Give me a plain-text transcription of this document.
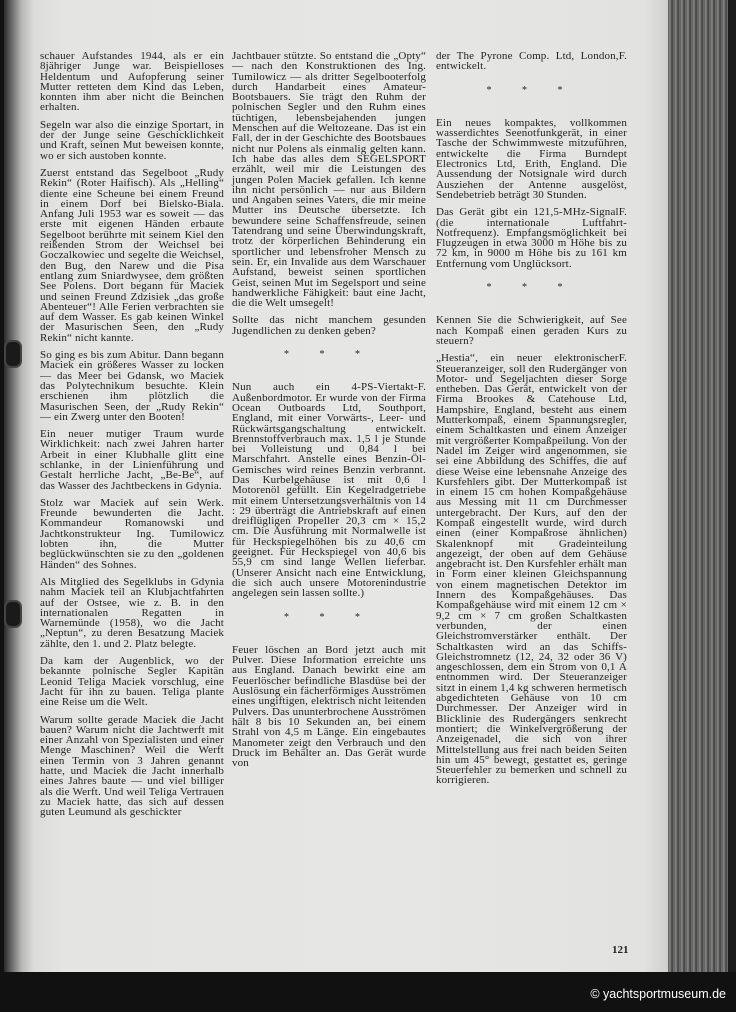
schauer Aufstandes 1944, als er ein 8jähriger Junge war. Beispielloses Heldentum und Aufopferung seiner Mutter retteten dem Kind das Leben, konnten ihm aber nicht die Beinchen erhalten.

Segeln war also die einzige Sportart, in der der Junge seine Geschicklichkeit und Kraft, seinen Mut beweisen konnte, wo er sich austoben konnte.

Zuerst entstand das Segelboot „Rudy Rekin“ (Roter Haifisch). Als „Helling“ diente eine Scheune bei einem Freund in einem Dorf bei Bielsko-Biala. Anfang Juli 1953 war es soweit — das erste mit eigenen Händen erbaute Segelboot berührte mit seinem Kiel den reißenden Strom der Weichsel bei Goczalkowiec und segelte die Weichsel, den Bug, den Narew und die Pisa entlang zum Sniardwysee, dem größten See Polens. Dort begann für Maciek und seinen Freund Zdzisiek „das große Abenteuer“! Alle Ferien verbrachten sie auf dem Wasser. Es gab keinen Winkel der Masurischen Seen, den „Rudy Rekin“ nicht kannte.

So ging es bis zum Abitur. Dann begann Maciek ein größeres Wasser zu locken — das Meer bei Gdansk, wo Maciek das Polytechnikum besuchte. Klein erschienen ihm plötzlich die Masurischen Seen, der „Rudy Rekin“ — ein Zwerg unter den Booten!

Ein neuer mutiger Traum wurde Wirklichkeit: nach zwei Jahren harter Arbeit in einer Klubhalle glitt eine schlanke, in der Linienführung und Gestalt herrliche Jacht, „Be-Be“, auf das Wasser des Jachtbeckens in Gdynia.

Stolz war Maciek auf sein Werk. Freunde bewunderten die Jacht. Kommandeur Romanowski und Jachtkonstrukteur Ing. Tumilowicz lobten ihn, die Mutter beglückwünschten sie zu den „goldenen Händen“ des Sohnes.

Als Mitglied des Segelklubs in Gdynia nahm Maciek teil an Klubjachtfahrten auf der Ostsee, wie z. B. in den internationalen Regatten in Warnemünde (1958), wo die Jacht „Neptun“, zu deren Besatzung Maciek zählte, den 1. und 2. Platz belegte.

Da kam der Augenblick, wo der bekannte polnische Segler Kapitän Leonid Teliga Maciek vorschlug, eine Jacht für ihn zu bauen. Teliga plante eine Reise um die Welt.

Warum sollte gerade Maciek die Jacht bauen? Warum nicht die Jachtwerft mit einer Anzahl von Spezialisten und einer Menge Maschinen? Weil die Werft einen Termin von 3 Jahren genannt hatte, und Maciek die Jacht innerhalb eines Jahres baute — und viel billiger als die Werft. Und weil Teliga Vertrauen zu Maciek hatte, das sich auf dessen guten Leumund als geschickter

Jachtbauer stützte. So entstand die „Opty“ — nach den Konstruktionen des Ing. Tumilowicz — als dritter Segelbooterfolg durch Handarbeit eines Amateur-Bootsbauers. Sie trägt den Ruhm der polnischen Segler und den Ruhm eines tüchtigen, lebensbejahenden jungen Menschen auf die Weltozeane. Das ist ein Fall, der in der Geschichte des Bootsbaues nicht nur Polens als einmalig gelten kann. Ich habe das alles dem SEGELSPORT erzählt, weil mir die Leistungen des jungen Polen Maciek gefallen. Ich kenne ihn nicht persönlich — nur aus Bildern und Angaben seines Vaters, die mir meine Mutter ins Deutsche übersetzte. Ich bewundere seine Schaffensfreude, seinen Tatendrang und seine Überwindungskraft, trotz der körperlichen Behinderung ein sportlicher und lebensfroher Mensch zu sein. Er, ein Invalide aus dem Warschauer Aufstand, beweist seinen sportlichen Geist, seinen Mut im Segelsport und seine handwerkliche Fähigkeit: baut eine Jacht, die die Welt umsegelt!

Sollte das nicht manchem gesunden Jugendlichen zu denken geben?

* * *

F.
Nun auch ein 4-PS-Viertakt-Außenbordmotor. Er wurde von der Firma Ocean Outboards Ltd, Southport, England, mit einer Vorwärts-, Leer- und Rückwärtsgangschaltung entwickelt. Brennstoffverbrauch max. 1,5 l je Stunde bei Volleistung und 0,84 l bei Marschfahrt. Anstelle eines Benzin-Öl-Gemisches wird reines Benzin verbrannt. Das Kurbelgehäuse ist mit 0,6 l Motorenöl gefüllt. Ein Kegelradgetriebe mit einem Untersetzungsverhältnis von 14 : 29 überträgt die Antriebskraft auf einen dreiflügligen Propeller 20,3 cm × 15,2 cm. Die Ausführung mit Normalwelle ist für Heckspiegelhöhen bis zu 40,6 cm geeignet. Für Heckspiegel von 40,6 bis 55,9 cm sind lange Wellen lieferbar. (Unserer Ansicht nach eine Entwicklung, die sich auch unsere Motorenindustrie angelegen sein lassen sollte.)

* * *

Feuer löschen an Bord jetzt auch mit Pulver. Diese Information erreichte uns aus England. Danach bewirkt eine am Feuerlöscher befindliche Blasdüse bei der Auslösung ein fächerförmiges Ausströmen eines ungiftigen, elektrisch nicht leitenden Pulvers. Das ununterbrochene Ausströmen hält 8 bis 10 Sekunden an, bei einem Strahl von 4,5 m Länge. Ein eingebautes Manometer zeigt den Verbrauch und den Druck im Behälter an. Das Gerät wurde von

F.
der The Pyrone Comp. Ltd, London, entwickelt.

* * *

Ein neues kompaktes, vollkommen wasserdichtes Seenotfunkgerät, in einer Tasche der Schwimmweste mitzuführen, entwickelte die Firma Burndept Electronics Ltd, Erith, England. Die Aussendung der Notsignale wird durch Ausziehen der Antenne ausgelöst, Sendebetrieb beträgt 30 Stunden.

F.
Das Gerät gibt ein 121,5-MHz-Signal (die internationale Luftfahrt-Notfrequenz). Empfangsmöglichkeit bei Flugzeugen in etwa 3000 m Höhe bis zu 72 km, in 9000 m Höhe bis zu 161 km Entfernung vom Unglücksort.

* * *

Kennen Sie die Schwierigkeit, auf See nach Kompaß einen geraden Kurs zu steuern?

F.
„Hestia“, ein neuer elektronischer Steueranzeiger, soll den Rudergänger von Motor- und Segeljachten dieser Sorge entheben. Das Gerät, entwickelt von der Firma Brookes & Catehouse Ltd, Hampshire, England, besteht aus einem Mutterkompaß, einem Spannungsregler, einem Schaltkasten und einem Anzeiger mit vergrößerter Kompaßpeilung. Von der Nadel im Zeiger wird angenommen, sie sei eine Abbildung des Schiffes, die auf diese Weise eine lebensnahe Anzeige des Kursfehlers gibt. Der Mutterkompaß ist in einem 15 cm hohen Kompaßgehäuse aus Messing mit 11 cm Durchmesser untergebracht. Der Kurs, auf den der Kompaß eingestellt wurde, wird durch einen (einer Kompaßrose ähnlichen) Skalenknopf mit Gradeinteilung angezeigt, der oben auf dem Gehäuse angebracht ist. Den Kursfehler erhält man in Form einer kleinen Gleichspannung von einem magnetischen Detektor im Innern des Kompaßgehäuses. Das Kompaßgehäuse wird mit einem 12 cm × 9,2 cm × 7 cm großen Schaltkasten verbunden, der einen Gleichstromverstärker enthält. Der Schaltkasten wird an das Schiffs-Gleichstromnetz (12, 24, 32 oder 36 V) angeschlossen, dem ein Strom von 0,1 A entnommen wird. Der Steueranzeiger sitzt in einem 1,4 kg schweren hermetisch abgedichteten Gehäuse von 10 cm Durchmesser. Der Anzeiger wird in Blicklinie des Rudergängers senkrecht montiert; die Winkelvergrößerung der Anzeigenadel, die sich von ihrer Mittelstellung aus frei nach beiden Seiten hin um 45° bewegt, gestattet es, geringe Steuerfehler zu bemerken und schnell zu korrigieren.

121
© yachtsportmuseum.de
